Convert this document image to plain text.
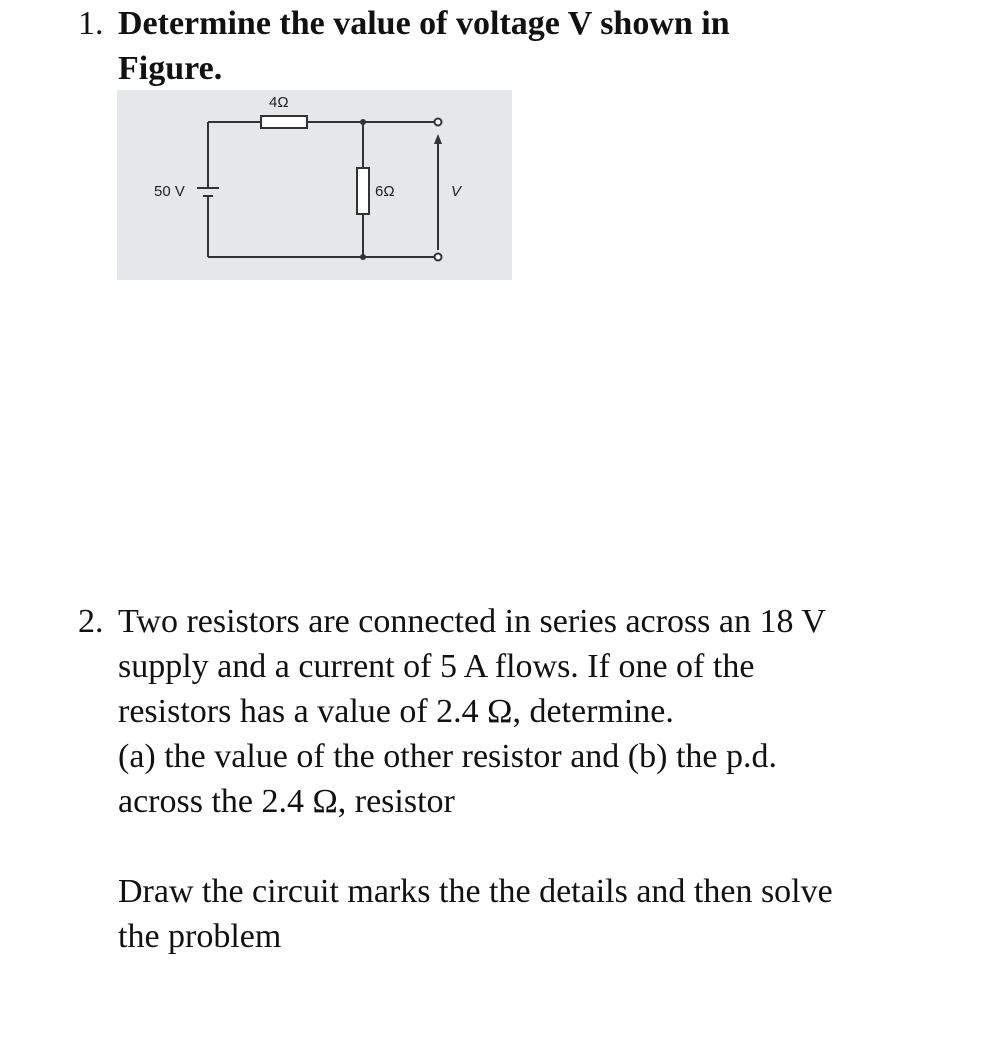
1. Determine the value of voltage V shown in
Figure.
4Ω
50 V	6Ω	V
2. Two resistors are connected in series across an 18 V
supply and a current of 5 A flows. If one of the
resistors has a value of 2.4 Ω, determine.
(a) the value of the other resistor and (b) the p.d.
across the 2.4 Ω, resistor
Draw the circuit marks the the details and then solve
the problem
